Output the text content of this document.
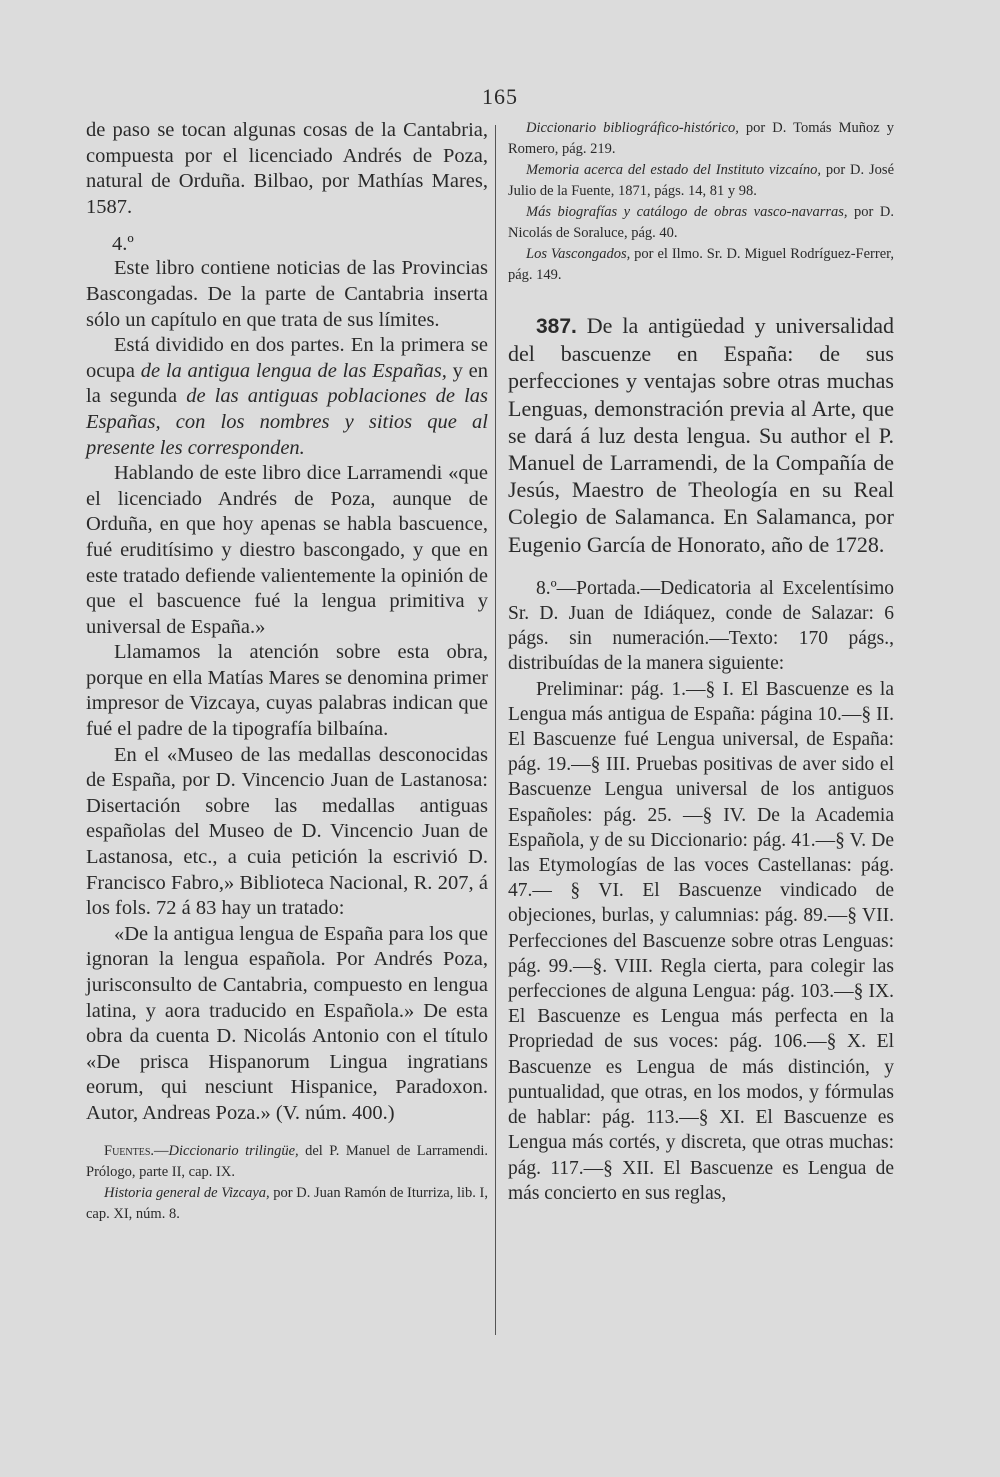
165

de paso se tocan algunas cosas de la Cantabria, compuesta por el licenciado Andrés de Poza, natural de Orduña. Bilbao, por Mathías Mares, 1587.

4.º

Este libro contiene noticias de las Provincias Bascongadas. De la parte de Cantabria inserta sólo un capítulo en que trata de sus límites.

Está dividido en dos partes. En la primera se ocupa de la antigua lengua de las Españas, y en la segunda de las antiguas poblaciones de las Españas, con los nombres y sitios que al presente les corresponden.

Hablando de este libro dice Larramendi «que el licenciado Andrés de Poza, aunque de Orduña, en que hoy apenas se habla bascuence, fué eruditísimo y diestro bascongado, y que en este tratado defiende valientemente la opinión de que el bascuence fué la lengua primitiva y universal de España.»

Llamamos la atención sobre esta obra, porque en ella Matías Mares se denomina primer impresor de Vizcaya, cuyas palabras indican que fué el padre de la tipografía bilbaína.

En el «Museo de las medallas desconocidas de España, por D. Vincencio Juan de Lastanosa: Disertación sobre las medallas antiguas españolas del Museo de D. Vincencio Juan de Lastanosa, etc., a cuia petición la escrivió D. Francisco Fabro,» Biblioteca Nacional, R. 207, á los fols. 72 á 83 hay un tratado:

«De la antigua lengua de España para los que ignoran la lengua española. Por Andrés Poza, jurisconsulto de Cantabria, compuesto en lengua latina, y aora traducido en Española.» De esta obra da cuenta D. Nicolás Antonio con el título «De prisca Hispanorum Lingua ingratians eorum, qui nesciunt Hispanice, Paradoxon. Autor, Andreas Poza.» (V. núm. 400.)

Fuentes.—Diccionario trilingüe, del P. Manuel de Larramendi. Prólogo, parte II, cap. IX.

Historia general de Vizcaya, por D. Juan Ramón de Iturriza, lib. I, cap. XI, núm. 8.

Diccionario bibliográfico-histórico, por D. Tomás Muñoz y Romero, pág. 219.

Memoria acerca del estado del Instituto vizcaíno, por D. José Julio de la Fuente, 1871, págs. 14, 81 y 98.

Más biografías y catálogo de obras vasco-navarras, por D. Nicolás de Soraluce, pág. 40.

Los Vascongados, por el Ilmo. Sr. D. Miguel Rodríguez-Ferrer, pág. 149.

387. De la antigüedad y universalidad del bascuenze en España: de sus perfecciones y ventajas sobre otras muchas Lenguas, demonstración previa al Arte, que se dará á luz desta lengua. Su author el P. Manuel de Larramendi, de la Compañía de Jesús, Maestro de Theología en su Real Colegio de Salamanca. En Salamanca, por Eugenio García de Honorato, año de 1728.

8.º—Portada.—Dedicatoria al Excelentísimo Sr. D. Juan de Idiáquez, conde de Salazar: 6 págs. sin numeración.—Texto: 170 págs., distribuídas de la manera siguiente:

Preliminar: pág. 1.—§ I. El Bascuenze es la Lengua más antigua de España: página 10.—§ II. El Bascuenze fué Lengua universal, de España: pág. 19.—§ III. Pruebas positivas de aver sido el Bascuenze Lengua universal de los antiguos Españoles: pág. 25. —§ IV. De la Academia Española, y de su Diccionario: pág. 41.—§ V. De las Etymologías de las voces Castellanas: pág. 47.— § VI. El Bascuenze vindicado de objeciones, burlas, y calumnias: pág. 89.—§ VII. Perfecciones del Bascuenze sobre otras Lenguas: pág. 99.—§. VIII. Regla cierta, para colegir las perfecciones de alguna Lengua: pág. 103.—§ IX. El Bascuenze es Lengua más perfecta en la Propriedad de sus voces: pág. 106.—§ X. El Bascuenze es Lengua de más distinción, y puntualidad, que otras, en los modos, y fórmulas de hablar: pág. 113.—§ XI. El Bascuenze es Lengua más cortés, y discreta, que otras muchas: pág. 117.—§ XII. El Bascuenze es Lengua de más concierto en sus reglas,
